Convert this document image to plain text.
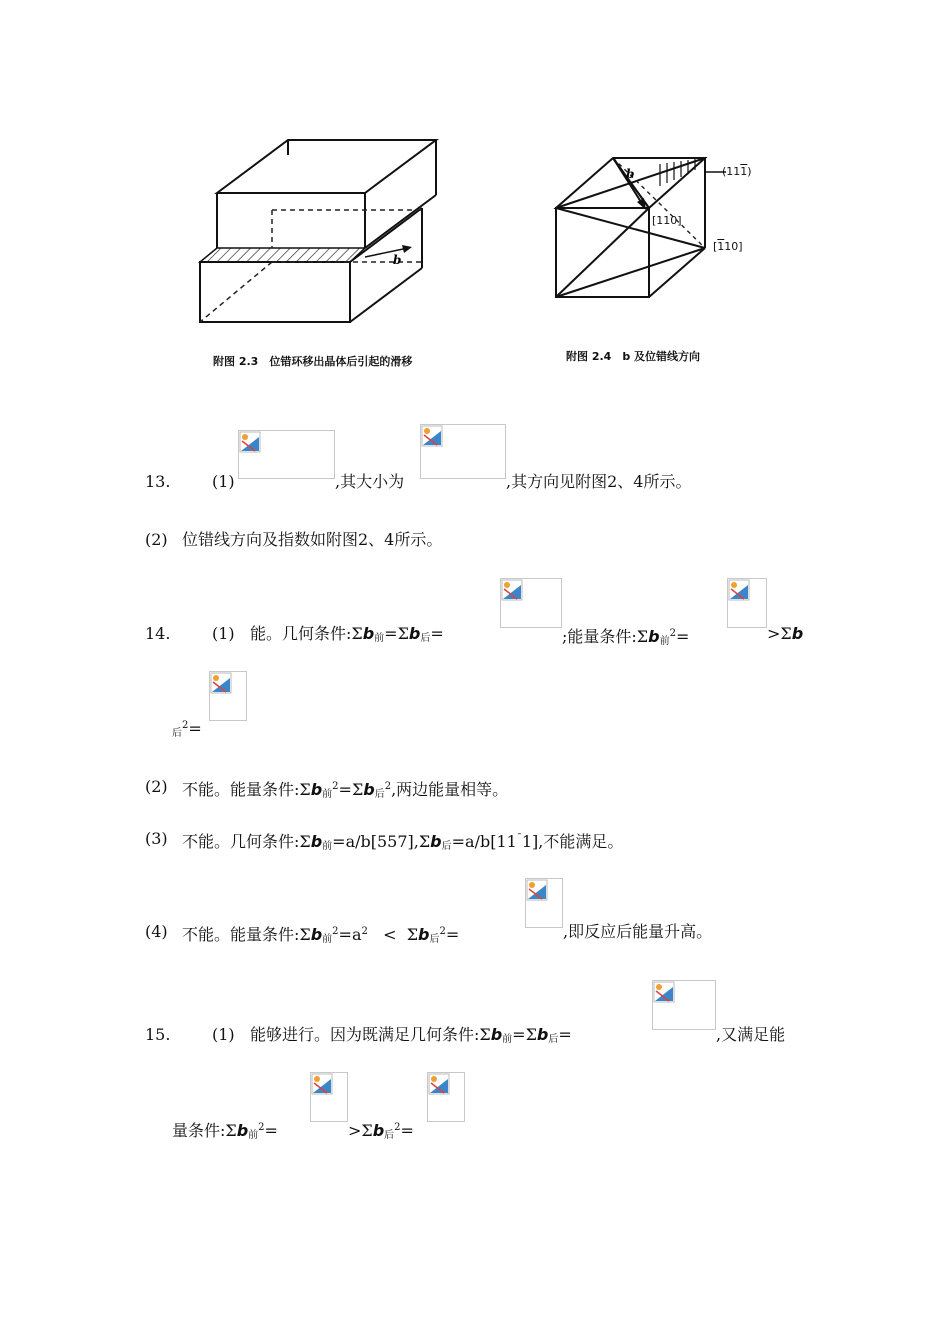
b
附图 2.3　位错环移出晶体后引起的滑移
b	(111)
[110]
[110]
附图 2.4　b 及位错线方向
13.	(1)	,其大小为	,其方向见附图2、4所示。
(2) 位错线方向及指数如附图2、4所示。
14.	(1) 能。几何条件$:\Sigma b_前=\Sigma b_后=$	;能量条件$:\Sigma b_前^2=$	>Σb
$_后^2$=
(2) 不能。能量条件$:\Sigma b_前^2=\Sigma b_后^2$,两边能量相等。
(3) 不能。几何条件$:\Sigma b_前=a/b[557],\Sigma b_后=a/b[11^¯1]$,不能满足。
(4) 不能。能量条件$:\Sigma b_前^2=a^2 < \Sigma b_后^2=$	,即反应后能量升高。
15.	(1) 能够进行。因为既满足几何条件$:\Sigma b_前=\Sigma b_后=$	,又满足能
量条件$:\Sigma b_前^2=$	$>\Sigma b_后^2=$
